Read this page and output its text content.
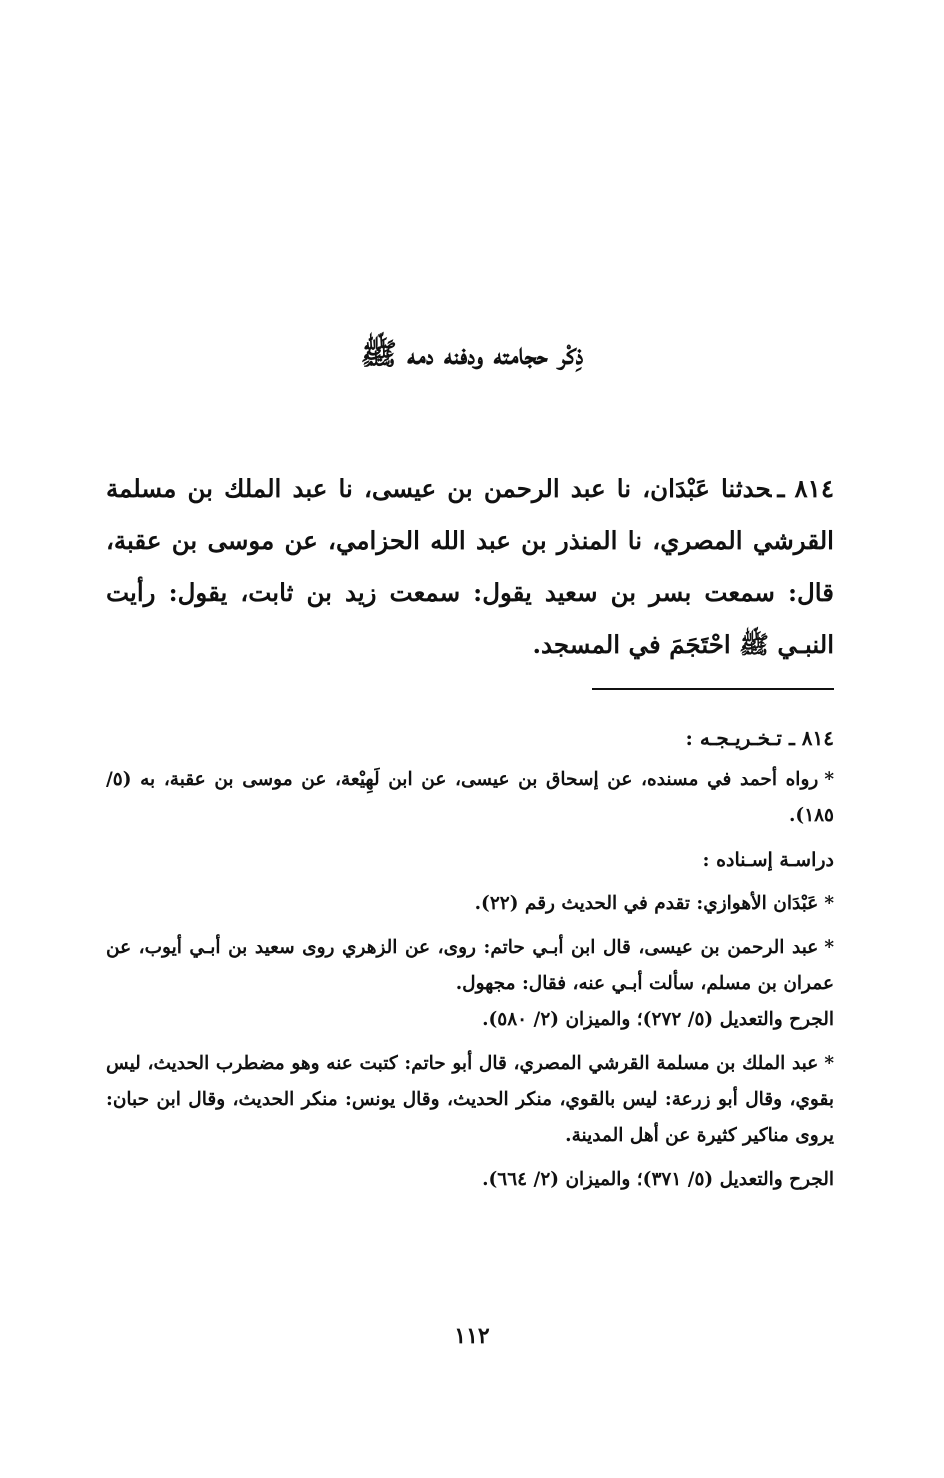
ذِكْر حجامته ودفنه دمه ﷺ

٨١٤ـحدثنا عَبْدَان، نا عبد الرحمن بن عيسى، نا عبد الملك بن مسلمة القرشي المصري، نا المنذر بن عبد الله الحزامي، عن موسى بن عقبة، قال: سمعت بسر بن سعيد يقول: سمعت زيد بن ثابت، يقول: رأيت النبـي ﷺ احْتَجَمَ في المسجد.

٨١٤ ـ تـخـريـجـه :

*رواه أحمد في مسنده، عن إسحاق بن عيسى، عن ابن لَهِيْعة، عن موسى بن عقبة، به (٥/ ١٨٥).

دراسـة إسـناده :

*عَبْدَان الأهوازي: تقدم في الحديث رقم (٢٢).

*عبد الرحمن بن عيسى، قال ابن أبـي حاتم: روى، عن الزهري روى سعيد بن أبـي أيوب، عن عمران بن مسلم، سألت أبـي عنه، فقال: مجهول.

الجرح والتعديل (٥/ ٢٧٢)؛ والميزان (٢/ ٥٨٠).

*عبد الملك بن مسلمة القرشي المصري، قال أبو حاتم: كتبت عنه وهو مضطرب الحديث، ليس بقوي، وقال أبو زرعة: ليس بالقوي، منكر الحديث، وقال يونس: منكر الحديث، وقال ابن حبان: يروى مناكير كثيرة عن أهل المدينة.

الجرح والتعديل (٥/ ٣٧١)؛ والميزان (٢/ ٦٦٤).

١١٢
